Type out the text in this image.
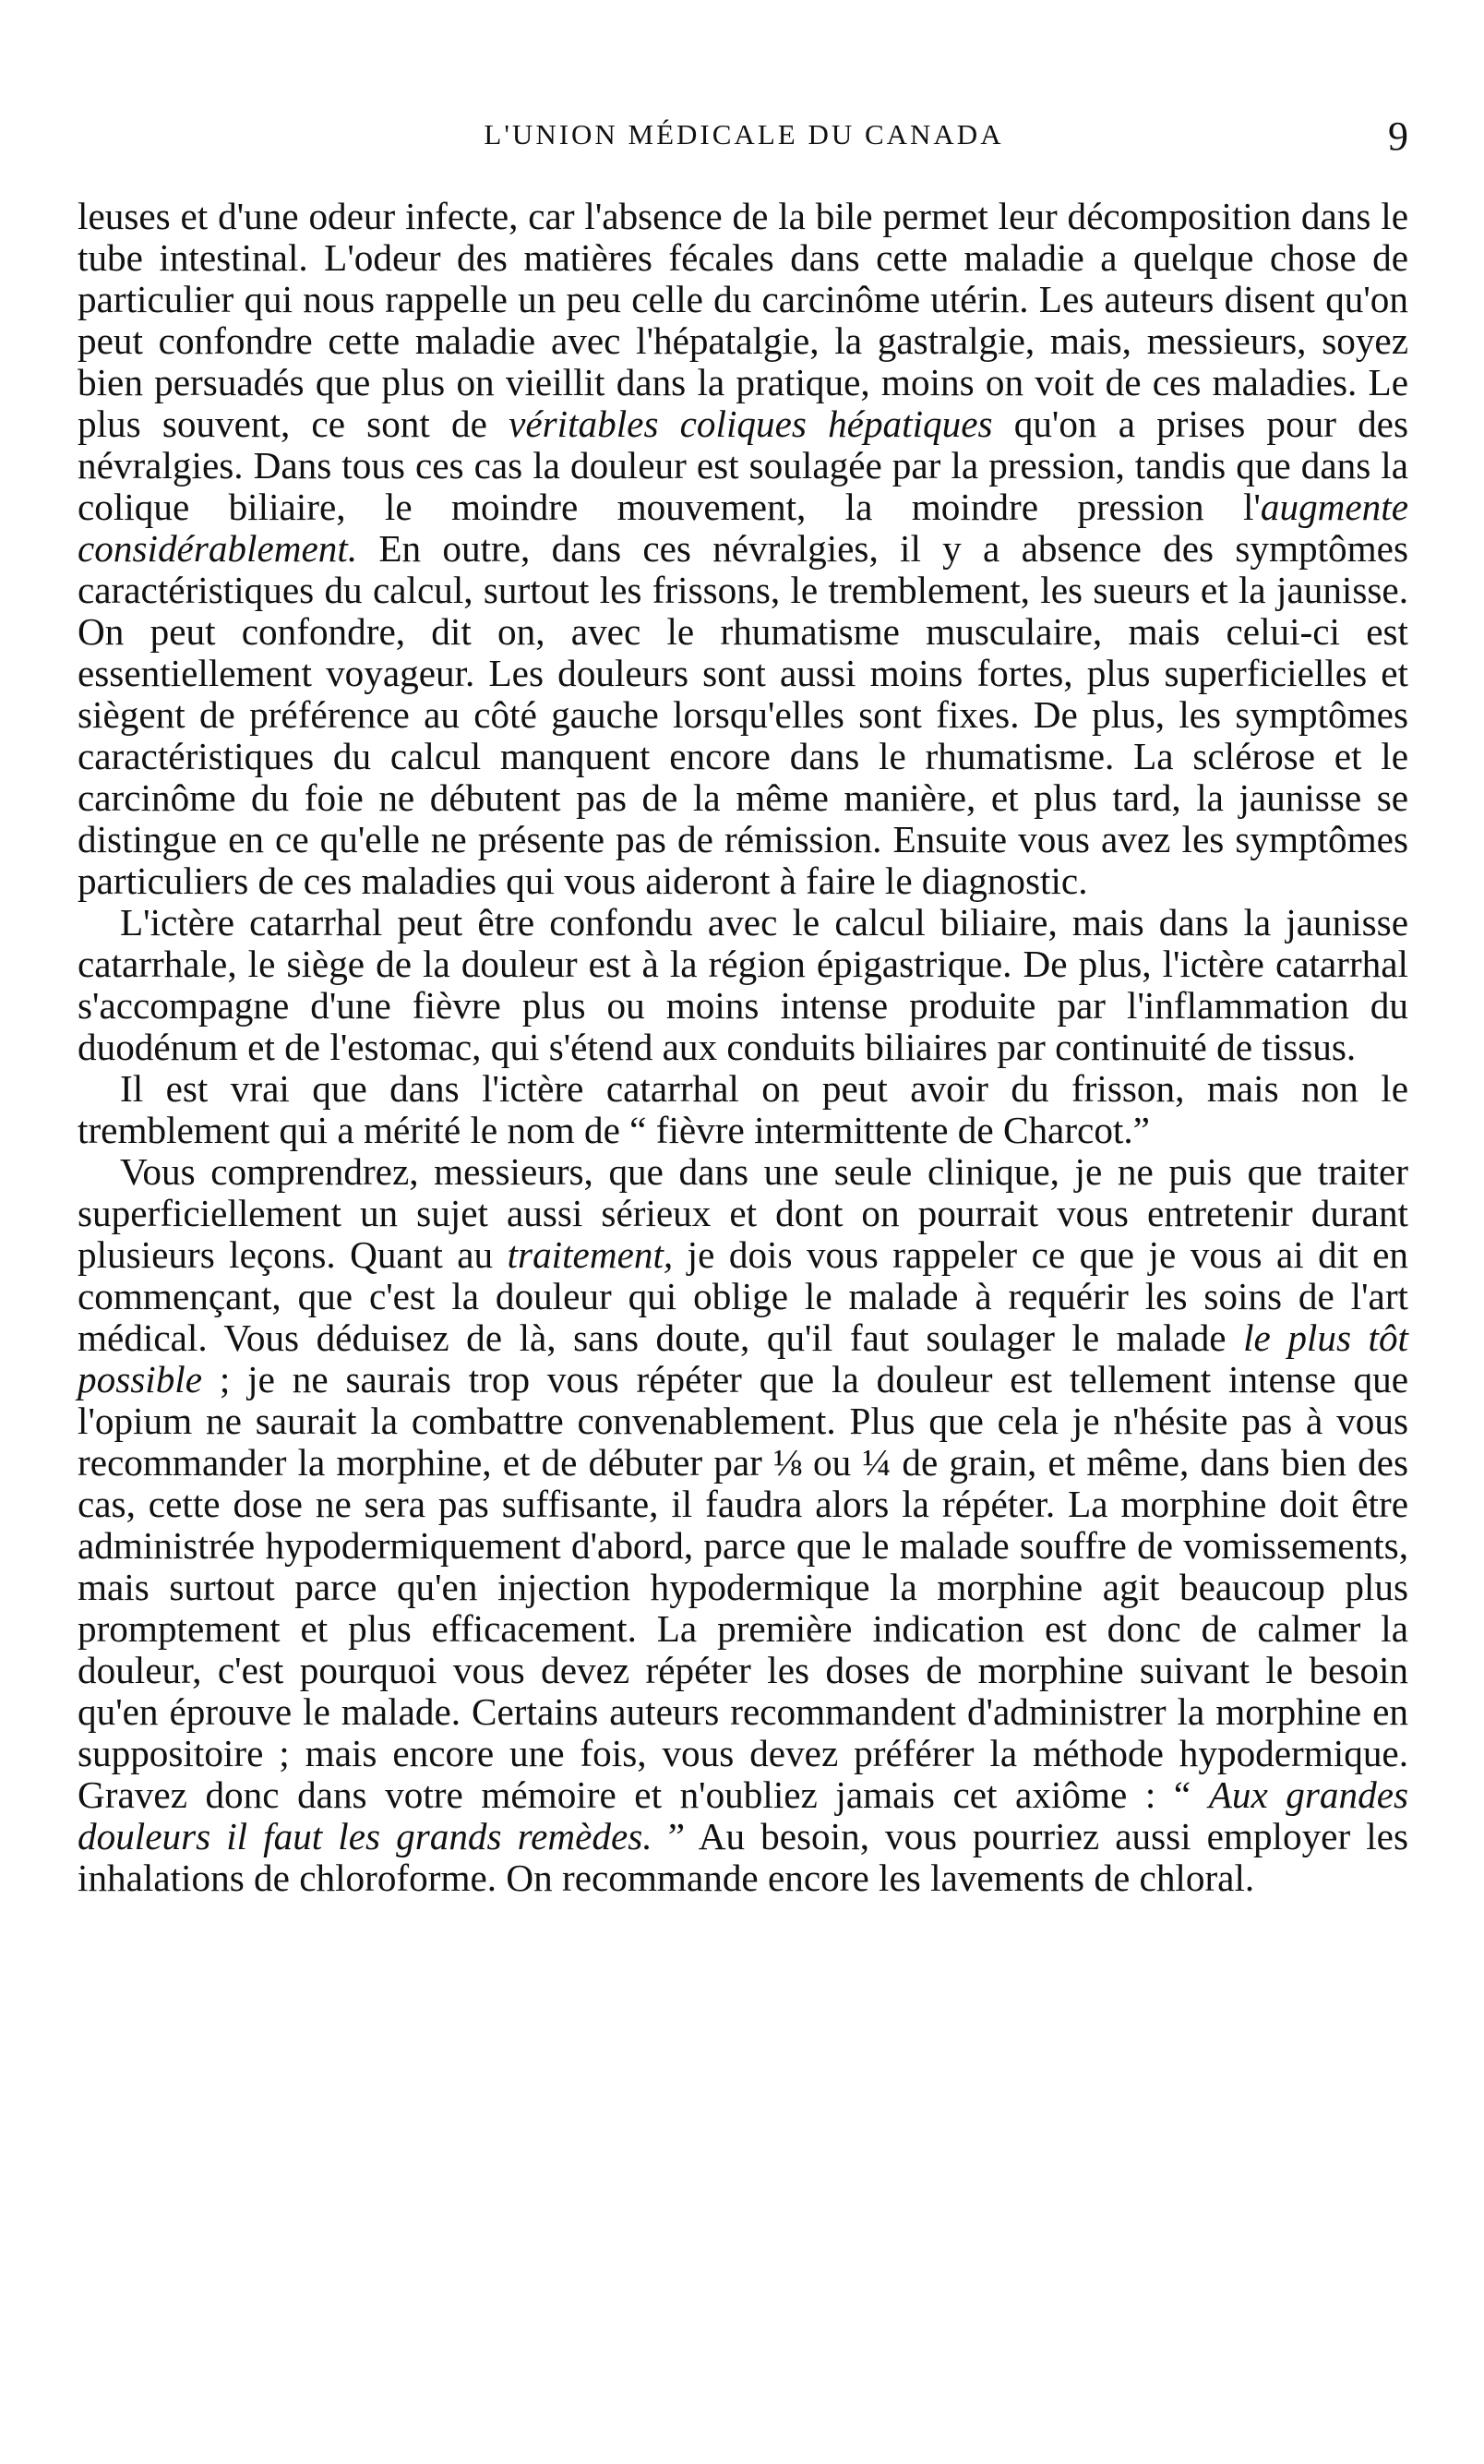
L'UNION MÉDICALE DU CANADA	9

leuses et d'une odeur infecte, car l'absence de la bile permet leur décomposition dans le tube intestinal. L'odeur des matières fécales dans cette maladie a quelque chose de particulier qui nous rappelle un peu celle du carcinôme utérin. Les auteurs disent qu'on peut confondre cette maladie avec l'hépatalgie, la gastralgie, mais, messieurs, soyez bien persuadés que plus on vieillit dans la pratique, moins on voit de ces maladies. Le plus souvent, ce sont de véritables coliques hépatiques qu'on a prises pour des névralgies. Dans tous ces cas la douleur est soulagée par la pression, tandis que dans la colique biliaire, le moindre mouvement, la moindre pression l'augmente considérablement. En outre, dans ces névralgies, il y a absence des symptômes caractéristiques du calcul, surtout les frissons, le tremblement, les sueurs et la jaunisse. On peut confondre, dit on, avec le rhumatisme musculaire, mais celui-ci est essentiellement voyageur. Les douleurs sont aussi moins fortes, plus superficielles et siègent de préférence au côté gauche lorsqu'elles sont fixes. De plus, les symptômes caractéristiques du calcul manquent encore dans le rhumatisme. La sclérose et le carcinôme du foie ne débutent pas de la même manière, et plus tard, la jaunisse se distingue en ce qu'elle ne présente pas de rémission. Ensuite vous avez les symptômes particuliers de ces maladies qui vous aideront à faire le diagnostic.

L'ictère catarrhal peut être confondu avec le calcul biliaire, mais dans la jaunisse catarrhale, le siège de la douleur est à la région épigastrique. De plus, l'ictère catarrhal s'accompagne d'une fièvre plus ou moins intense produite par l'inflammation du duodénum et de l'estomac, qui s'étend aux conduits biliaires par continuité de tissus.

Il est vrai que dans l'ictère catarrhal on peut avoir du frisson, mais non le tremblement qui a mérité le nom de “ fièvre intermittente de Charcot.”

Vous comprendrez, messieurs, que dans une seule clinique, je ne puis que traiter superficiellement un sujet aussi sérieux et dont on pourrait vous entretenir durant plusieurs leçons. Quant au traitement, je dois vous rappeler ce que je vous ai dit en commençant, que c'est la douleur qui oblige le malade à requérir les soins de l'art médical. Vous déduisez de là, sans doute, qu'il faut soulager le malade le plus tôt possible ; je ne saurais trop vous répéter que la douleur est tellement intense que l'opium ne saurait la combattre convenablement. Plus que cela je n'hésite pas à vous recommander la morphine, et de débuter par ⅛ ou ¼ de grain, et même, dans bien des cas, cette dose ne sera pas suffisante, il faudra alors la répéter. La morphine doit être administrée hypodermiquement d'abord, parce que le malade souffre de vomissements, mais surtout parce qu'en injection hypodermique la morphine agit beaucoup plus promptement et plus efficacement. La première indication est donc de calmer la douleur, c'est pourquoi vous devez répéter les doses de morphine suivant le besoin qu'en éprouve le malade. Certains auteurs recommandent d'administrer la morphine en suppositoire ; mais encore une fois, vous devez préférer la méthode hypodermique. Gravez donc dans votre mémoire et n'oubliez jamais cet axiôme : “ Aux grandes douleurs il faut les grands remèdes. ” Au besoin, vous pourriez aussi employer les inhalations de chloroforme. On recommande encore les lavements de chloral.
